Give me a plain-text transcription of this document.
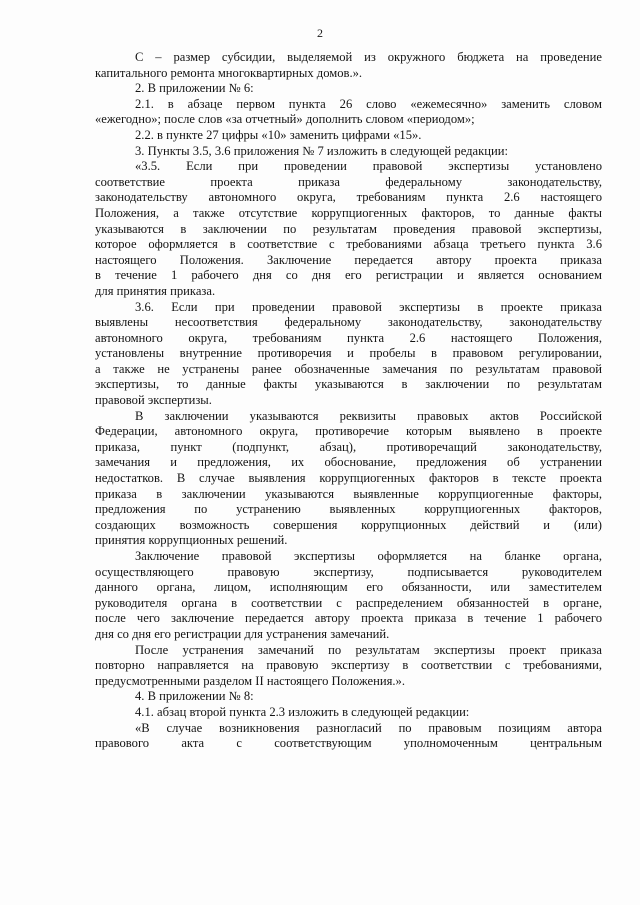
2
С – размер субсидии, выделяемой из окружного бюджета на проведение
капитального ремонта многоквартирных домов.».
2. В приложении № 6:
2.1. в абзаце первом пункта 26 слово «ежемесячно» заменить словом
«ежегодно»; после слов «за отчетный» дополнить словом «периодом»;
2.2. в пункте 27 цифры «10» заменить цифрами «15».
3. Пункты 3.5, 3.6 приложения № 7 изложить в следующей редакции:
«3.5. Если при проведении правовой экспертизы установлено
соответствие проекта приказа федеральному законодательству,
законодательству автономного округа, требованиям пункта 2.6 настоящего
Положения, а также отсутствие коррупциогенных факторов, то данные факты
указываются в заключении по результатам проведения правовой экспертизы,
которое оформляется в соответствие с требованиями абзаца третьего пункта 3.6
настоящего Положения. Заключение передается автору проекта приказа
в течение 1 рабочего дня со дня его регистрации и является основанием
для принятия приказа.
3.6. Если при проведении правовой экспертизы в проекте приказа
выявлены несоответствия федеральному законодательству, законодательству
автономного округа, требованиям пункта 2.6 настоящего Положения,
установлены внутренние противоречия и пробелы в правовом регулировании,
а также не устранены ранее обозначенные замечания по результатам правовой
экспертизы, то данные факты указываются в заключении по результатам
правовой экспертизы.
В заключении указываются реквизиты правовых актов Российской
Федерации, автономного округа, противоречие которым выявлено в проекте
приказа, пункт (подпункт, абзац), противоречащий законодательству,
замечания и предложения, их обоснование, предложения об устранении
недостатков. В случае выявления коррупциогенных факторов в тексте проекта
приказа в заключении указываются выявленные коррупциогенные факторы,
предложения по устранению выявленных коррупциогенных факторов,
создающих возможность совершения коррупционных действий и (или)
принятия коррупционных решений.
Заключение правовой экспертизы оформляется на бланке органа,
осуществляющего правовую экспертизу, подписывается руководителем
данного органа, лицом, исполняющим его обязанности, или заместителем
руководителя органа в соответствии с распределением обязанностей в органе,
после чего заключение передается автору проекта приказа в течение 1 рабочего
дня со дня его регистрации для устранения замечаний.
После устранения замечаний по результатам экспертизы проект приказа
повторно направляется на правовую экспертизу в соответствии с требованиями,
предусмотренными разделом II настоящего Положения.».
4. В приложении № 8:
4.1. абзац второй пункта 2.3 изложить в следующей редакции:
«В случае возникновения разногласий по правовым позициям автора
правового акта с соответствующим уполномоченным центральным
